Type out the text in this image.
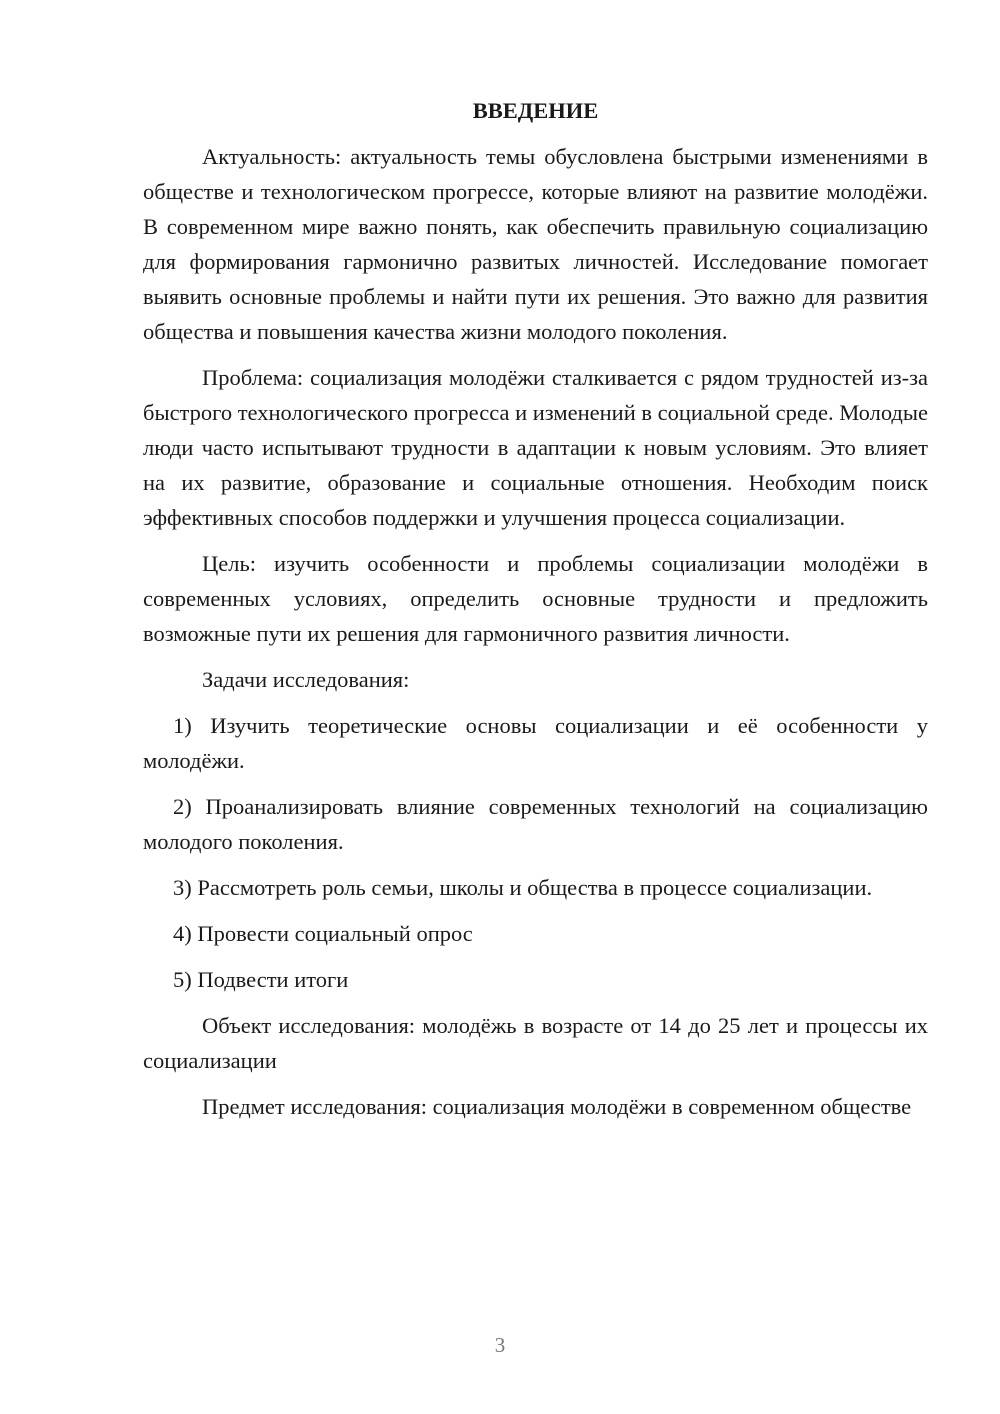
ВВЕДЕНИЕ

Актуальность: актуальность темы обусловлена быстрыми изменениями в обществе и технологическом прогрессе, которые влияют на развитие молодёжи. В современном мире важно понять, как обеспечить правильную социализацию для формирования гармонично развитых личностей. Исследование помогает выявить основные проблемы и найти пути их решения. Это важно для развития общества и повышения качества жизни молодого поколения.

Проблема: социализация молодёжи сталкивается с рядом трудностей из-за быстрого технологического прогресса и изменений в социальной среде. Молодые люди часто испытывают трудности в адаптации к новым условиям. Это влияет на их развитие, образование и социальные отношения. Необходим поиск эффективных способов поддержки и улучшения процесса социализации.

Цель: изучить особенности и проблемы социализации молодёжи в современных условиях, определить основные трудности и предложить возможные пути их решения для гармоничного развития личности.

Задачи исследования:

1) Изучить теоретические основы социализации и её особенности у молодёжи.

2) Проанализировать влияние современных технологий на социализацию молодого поколения.

3) Рассмотреть роль семьи, школы и общества в процессе социализации.

4) Провести социальный опрос

5) Подвести итоги

Объект исследования: молодёжь в возрасте от 14 до 25 лет и процессы их социализации

Предмет исследования: социализация молодёжи в современном обществе

3
